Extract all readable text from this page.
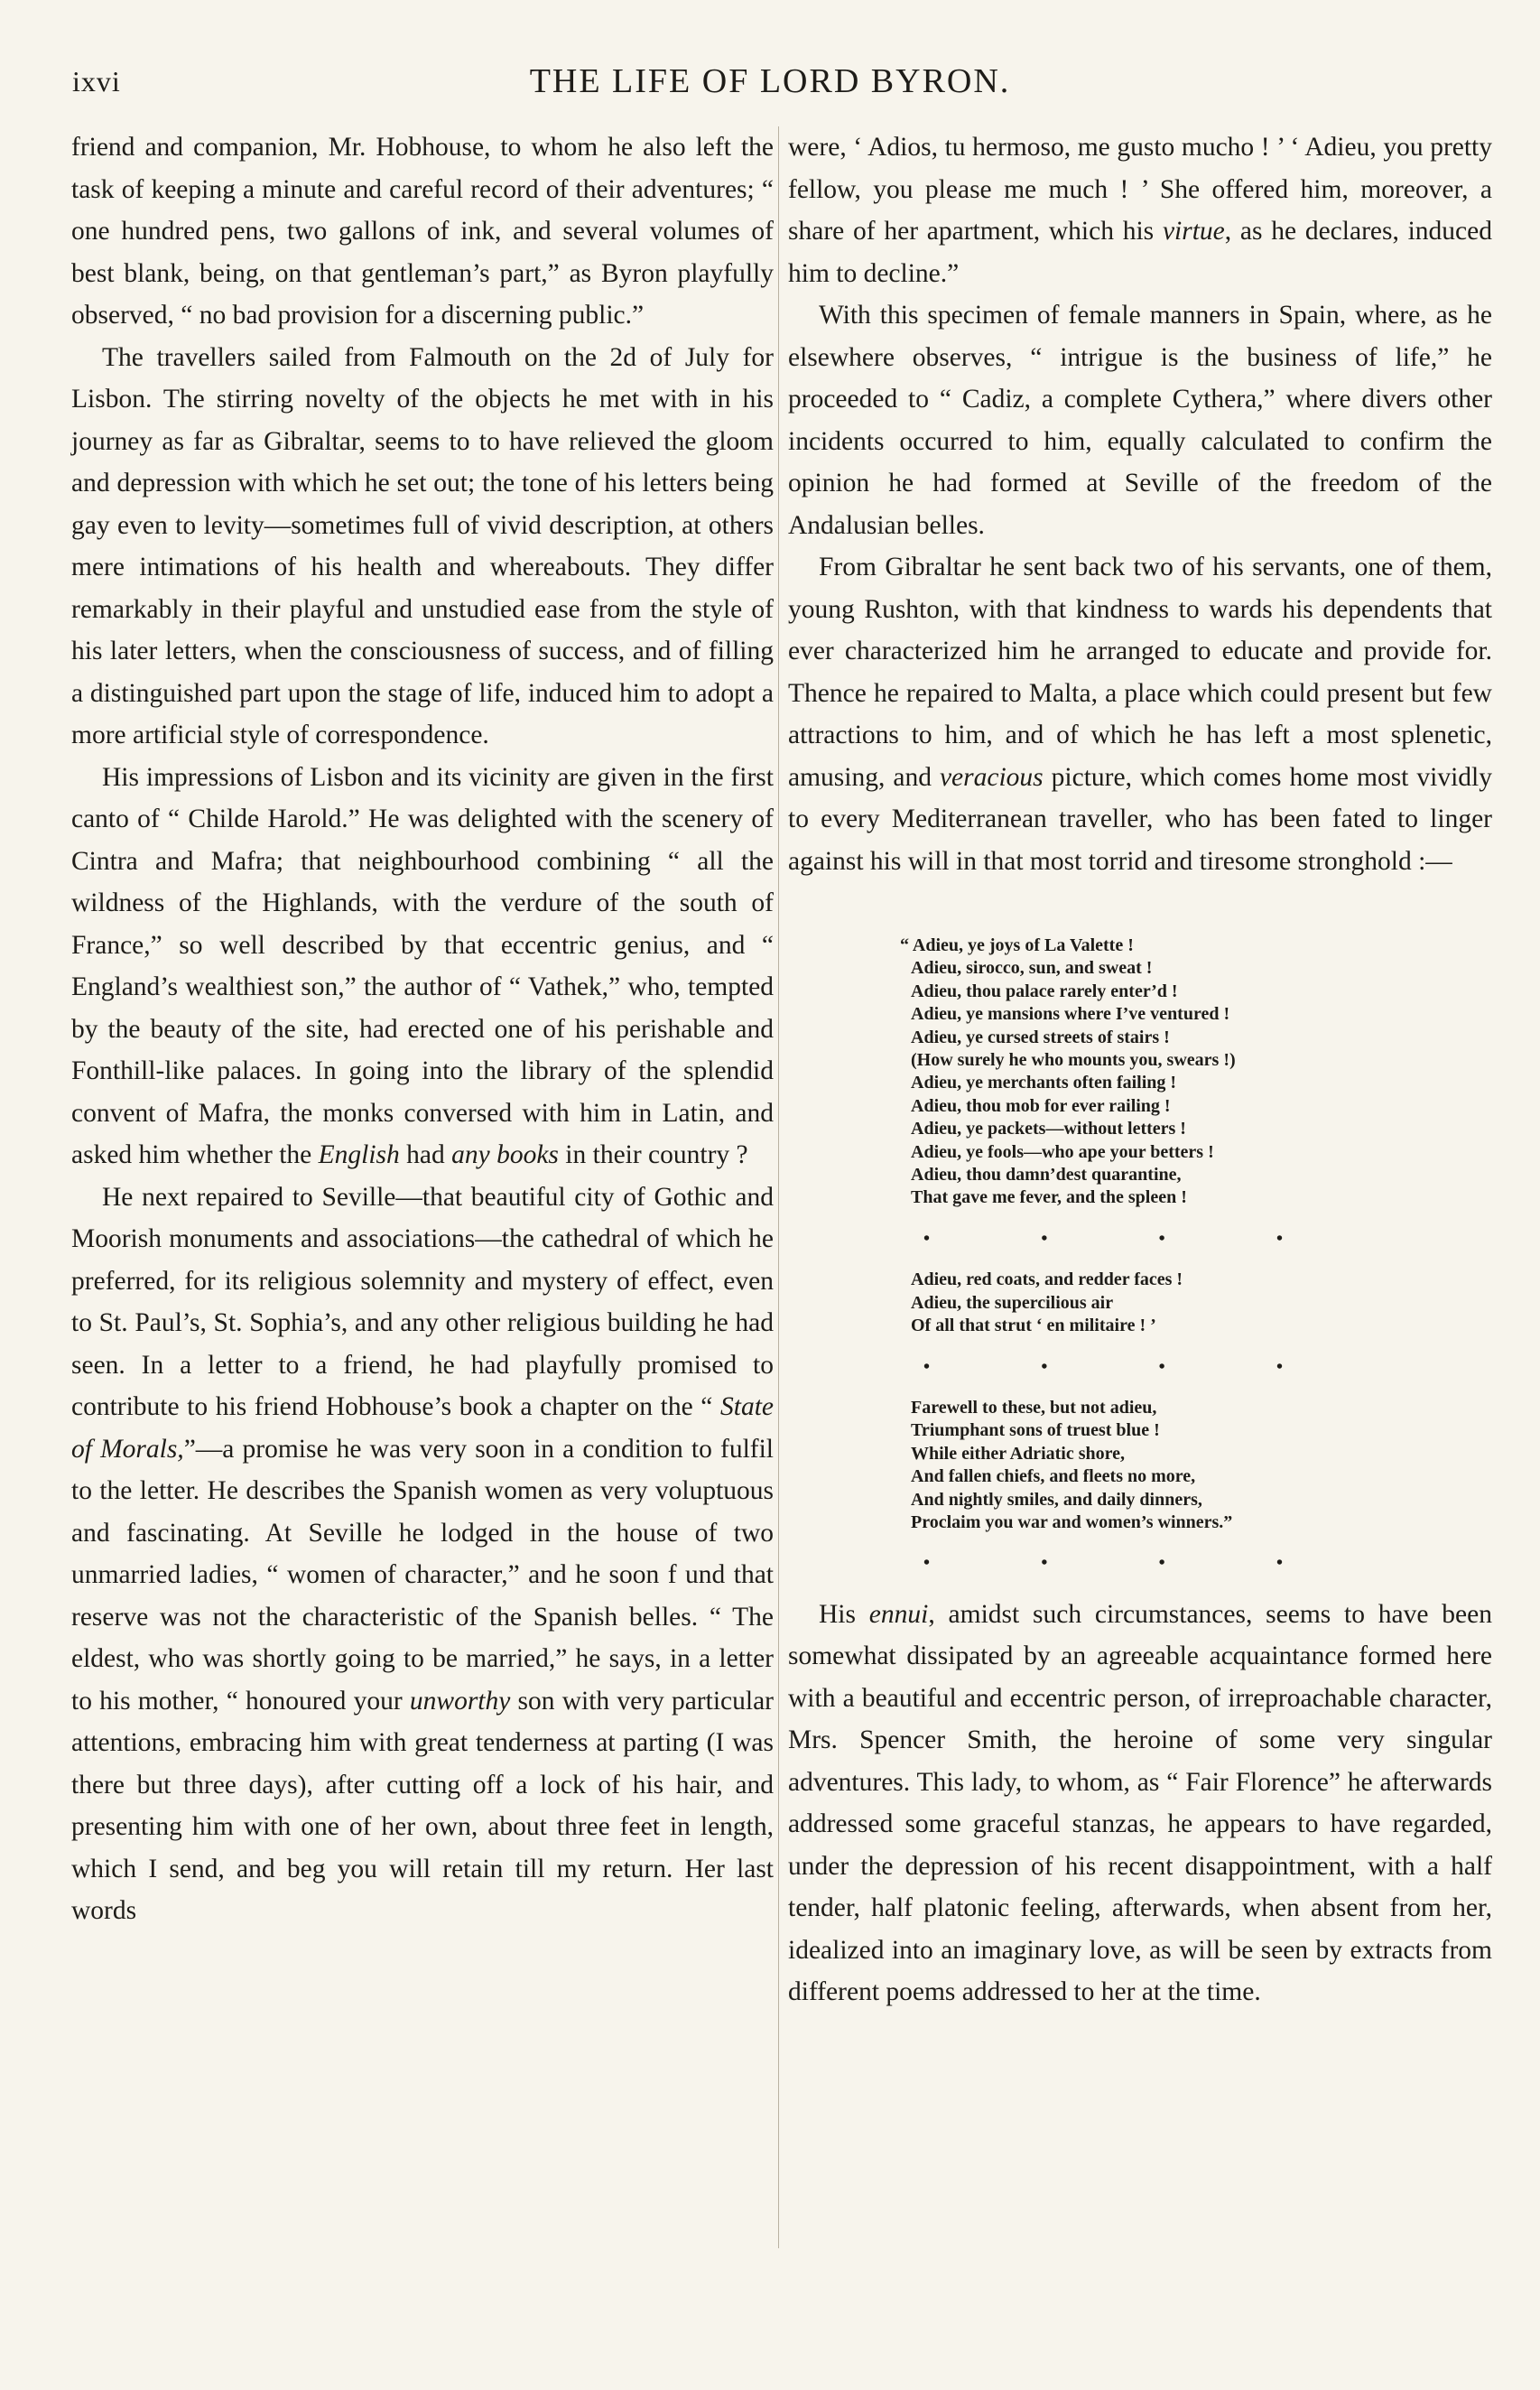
ixvi	THE LIFE OF LORD BYRON.

friend and companion, Mr. Hobhouse, to whom he also left the task of keeping a minute and careful record of their adventures; “ one hundred pens, two gallons of ink, and several volumes of best blank, being, on that gentleman’s part,” as Byron playfully observed, “ no bad provision for a discerning public.”

The travellers sailed from Falmouth on the 2d of July for Lisbon. The stirring novelty of the objects he met with in his journey as far as Gibraltar, seems to to have relieved the gloom and depression with which he set out; the tone of his letters being gay even to levity—sometimes full of vivid description, at others mere intimations of his health and whereabouts. They differ remarkably in their playful and unstudied ease from the style of his later letters, when the consciousness of success, and of filling a distinguished part upon the stage of life, induced him to adopt a more artificial style of correspondence.

His impressions of Lisbon and its vicinity are given in the first canto of “ Childe Harold.” He was delighted with the scenery of Cintra and Mafra; that neighbourhood combining “ all the wildness of the Highlands, with the verdure of the south of France,” so well described by that eccentric genius, and “ England’s wealthiest son,” the author of “ Vathek,” who, tempted by the beauty of the site, had erected one of his perishable and Fonthill-like palaces. In going into the library of the splendid convent of Mafra, the monks conversed with him in Latin, and asked him whether the English had any books in their country ?

He next repaired to Seville—that beautiful city of Gothic and Moorish monuments and associations—the cathedral of which he preferred, for its religious solemnity and mystery of effect, even to St. Paul’s, St. Sophia’s, and any other religious building he had seen. In a letter to a friend, he had playfully promised to contribute to his friend Hobhouse’s book a chapter on the “ State of Morals,”—a promise he was very soon in a condition to fulfil to the letter. He describes the Spanish women as very voluptuous and fascinating. At Seville he lodged in the house of two unmarried ladies, “ women of character,” and he soon f und that reserve was not the characteristic of the Spanish belles. “ The eldest, who was shortly going to be married,” he says, in a letter to his mother, “ honoured your unworthy son with very particular attentions, embracing him with great tenderness at parting (I was there but three days), after cutting off a lock of his hair, and presenting him with one of her own, about three feet in length, which I send, and beg you will retain till my return. Her last words

were, ‘ Adios, tu hermoso, me gusto mucho ! ’ ‘ Adieu, you pretty fellow, you please me much ! ’ She offered him, moreover, a share of her apartment, which his virtue, as he declares, induced him to decline.”

With this specimen of female manners in Spain, where, as he elsewhere observes, “ intrigue is the business of life,” he proceeded to “ Cadiz, a complete Cythera,” where divers other incidents occurred to him, equally calculated to confirm the opinion he had formed at Seville of the freedom of the Andalusian belles.

From Gibraltar he sent back two of his servants, one of them, young Rushton, with that kindness to wards his dependents that ever characterized him he arranged to educate and provide for. Thence he repaired to Malta, a place which could present but few attractions to him, and of which he has left a most splenetic, amusing, and veracious picture, which comes home most vividly to every Mediterranean traveller, who has been fated to linger against his will in that most torrid and tiresome stronghold :—

“ Adieu, ye joys of La Valette !
Adieu, sirocco, sun, and sweat !
Adieu, thou palace rarely enter’d !
Adieu, ye mansions where I’ve ventured !
Adieu, ye cursed streets of stairs !
(How surely he who mounts you, swears !)
Adieu, ye merchants often failing !
Adieu, thou mob for ever railing !
Adieu, ye packets—without letters !
Adieu, ye fools—who ape your betters !
Adieu, thou damn’dest quarantine,
That gave me fever, and the spleen !
•	•	•	•
Adieu, red coats, and redder faces !
Adieu, the supercilious air
Of all that strut ‘ en militaire ! ’
•	•	•	•
Farewell to these, but not adieu,
Triumphant sons of truest blue !
While either Adriatic shore,
And fallen chiefs, and fleets no more,
And nightly smiles, and daily dinners,
Proclaim you war and women’s winners.”
•	•	•	•

His ennui, amidst such circumstances, seems to have been somewhat dissipated by an agreeable acquaintance formed here with a beautiful and eccentric person, of irreproachable character, Mrs. Spencer Smith, the heroine of some very singular adventures. This lady, to whom, as “ Fair Florence” he afterwards addressed some graceful stanzas, he appears to have regarded, under the depression of his recent disappointment, with a half tender, half platonic feeling, afterwards, when absent from her, idealized into an imaginary love, as will be seen by extracts from different poems addressed to her at the time.
